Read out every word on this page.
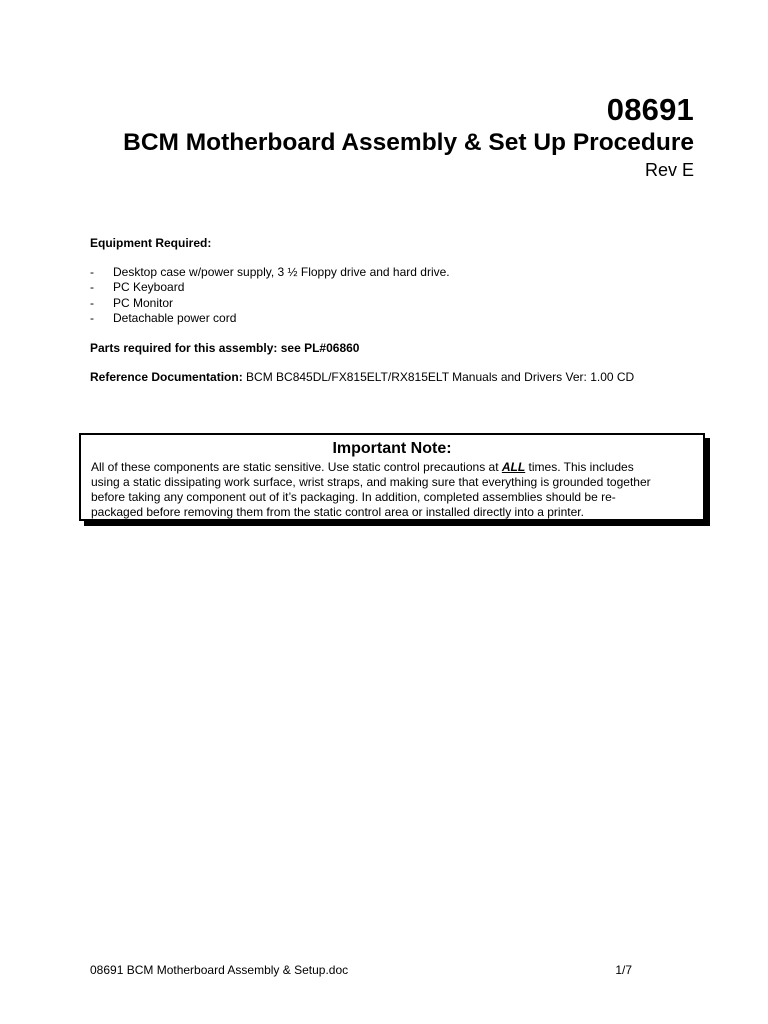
08691
BCM Motherboard Assembly & Set Up Procedure
Rev E
Equipment Required:
- Desktop case w/power supply, 3 ½ Floppy drive and hard drive.
- PC Keyboard
- PC Monitor
- Detachable power cord
Parts required for this assembly: see PL#06860
Reference Documentation: BCM BC845DL/FX815ELT/RX815ELT Manuals and Drivers Ver: 1.00 CD
Important Note:
All of these components are static sensitive. Use static control precautions at ALL times. This includes
using a static dissipating work surface, wrist straps, and making sure that everything is grounded together
before taking any component out of it’s packaging. In addition, completed assemblies should be re-
packaged before removing them from the static control area or installed directly into a printer.
08691 BCM Motherboard Assembly & Setup.doc	1/7
